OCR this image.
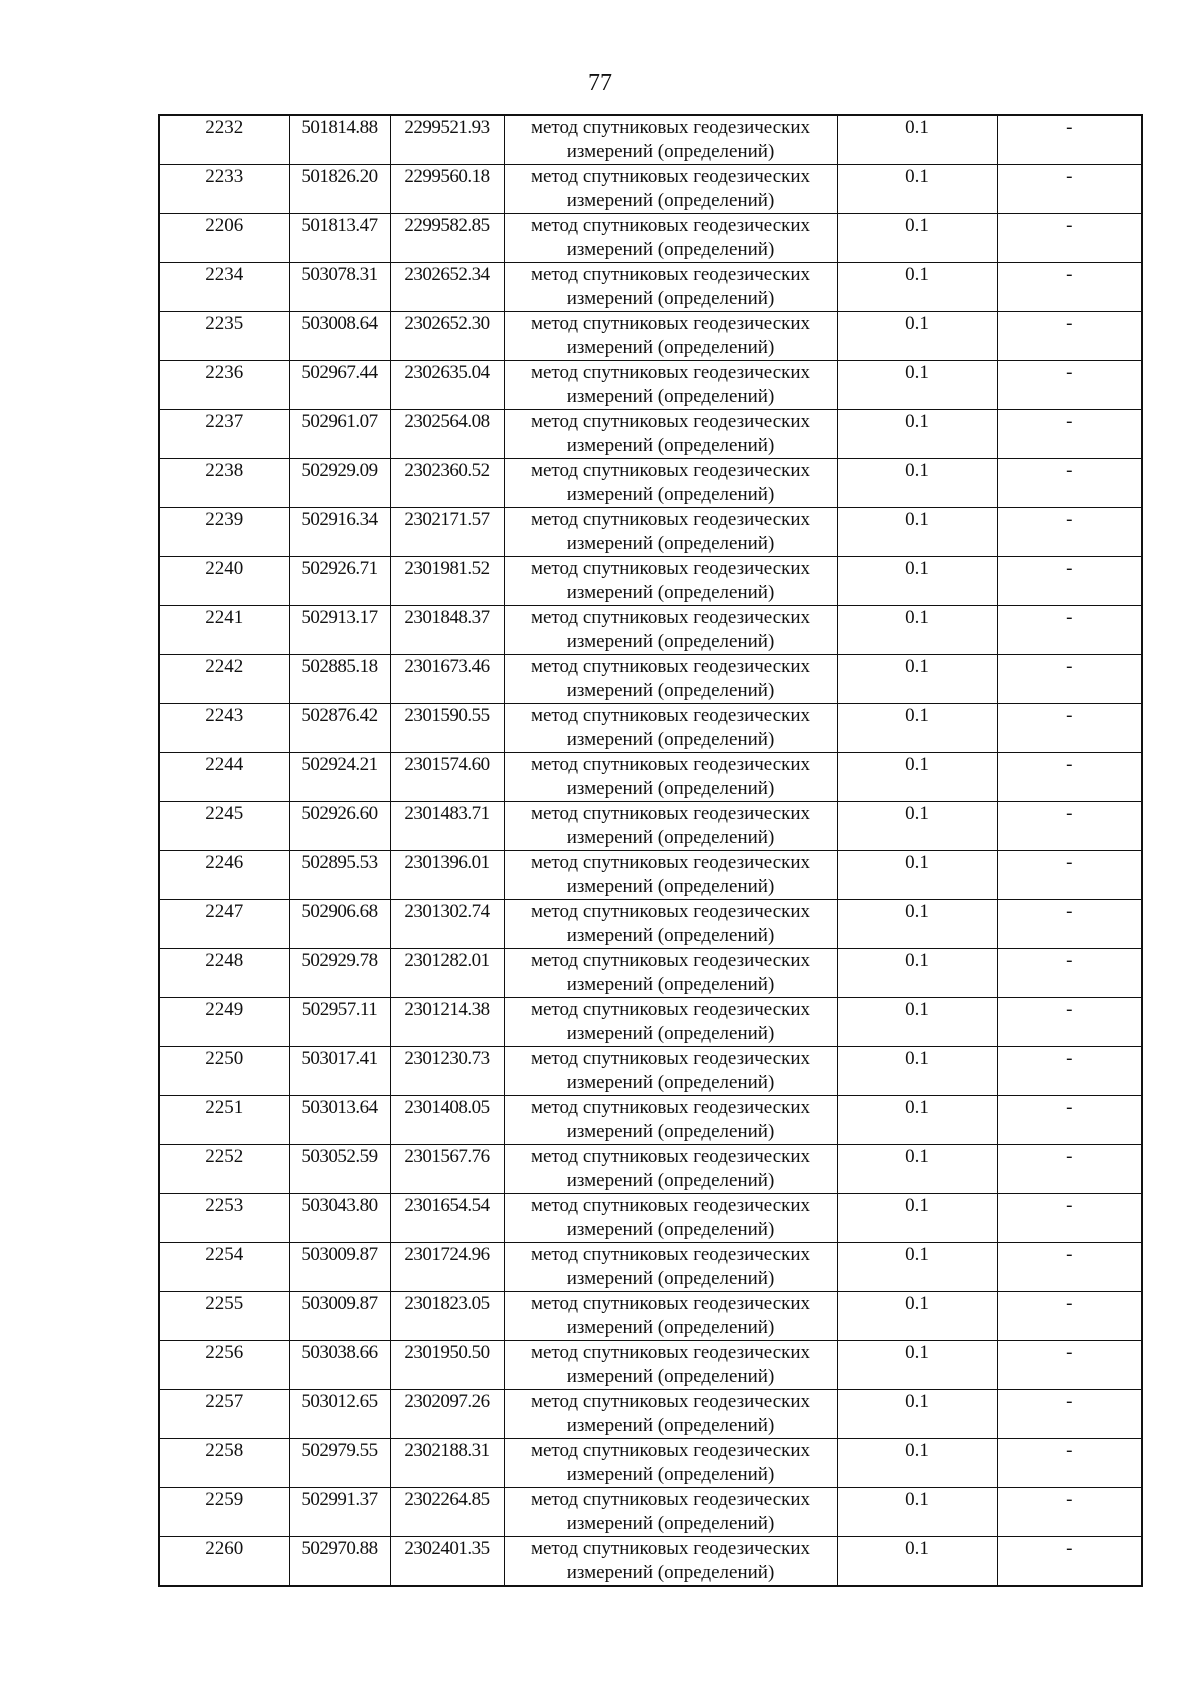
77
2232	501814.88	2299521.93	метод спутниковых геодезических
измерений (определений)	0.1	-
2233	501826.20	2299560.18	метод спутниковых геодезических
измерений (определений)	0.1	-
2206	501813.47	2299582.85	метод спутниковых геодезических
измерений (определений)	0.1	-
2234	503078.31	2302652.34	метод спутниковых геодезических
измерений (определений)	0.1	-
2235	503008.64	2302652.30	метод спутниковых геодезических
измерений (определений)	0.1	-
2236	502967.44	2302635.04	метод спутниковых геодезических
измерений (определений)	0.1	-
2237	502961.07	2302564.08	метод спутниковых геодезических
измерений (определений)	0.1	-
2238	502929.09	2302360.52	метод спутниковых геодезических
измерений (определений)	0.1	-
2239	502916.34	2302171.57	метод спутниковых геодезических
измерений (определений)	0.1	-
2240	502926.71	2301981.52	метод спутниковых геодезических
измерений (определений)	0.1	-
2241	502913.17	2301848.37	метод спутниковых геодезических
измерений (определений)	0.1	-
2242	502885.18	2301673.46	метод спутниковых геодезических
измерений (определений)	0.1	-
2243	502876.42	2301590.55	метод спутниковых геодезических
измерений (определений)	0.1	-
2244	502924.21	2301574.60	метод спутниковых геодезических
измерений (определений)	0.1	-
2245	502926.60	2301483.71	метод спутниковых геодезических
измерений (определений)	0.1	-
2246	502895.53	2301396.01	метод спутниковых геодезических
измерений (определений)	0.1	-
2247	502906.68	2301302.74	метод спутниковых геодезических
измерений (определений)	0.1	-
2248	502929.78	2301282.01	метод спутниковых геодезических
измерений (определений)	0.1	-
2249	502957.11	2301214.38	метод спутниковых геодезических
измерений (определений)	0.1	-
2250	503017.41	2301230.73	метод спутниковых геодезических
измерений (определений)	0.1	-
2251	503013.64	2301408.05	метод спутниковых геодезических
измерений (определений)	0.1	-
2252	503052.59	2301567.76	метод спутниковых геодезических
измерений (определений)	0.1	-
2253	503043.80	2301654.54	метод спутниковых геодезических
измерений (определений)	0.1	-
2254	503009.87	2301724.96	метод спутниковых геодезических
измерений (определений)	0.1	-
2255	503009.87	2301823.05	метод спутниковых геодезических
измерений (определений)	0.1	-
2256	503038.66	2301950.50	метод спутниковых геодезических
измерений (определений)	0.1	-
2257	503012.65	2302097.26	метод спутниковых геодезических
измерений (определений)	0.1	-
2258	502979.55	2302188.31	метод спутниковых геодезических
измерений (определений)	0.1	-
2259	502991.37	2302264.85	метод спутниковых геодезических
измерений (определений)	0.1	-
2260	502970.88	2302401.35	метод спутниковых геодезических
измерений (определений)	0.1	-
